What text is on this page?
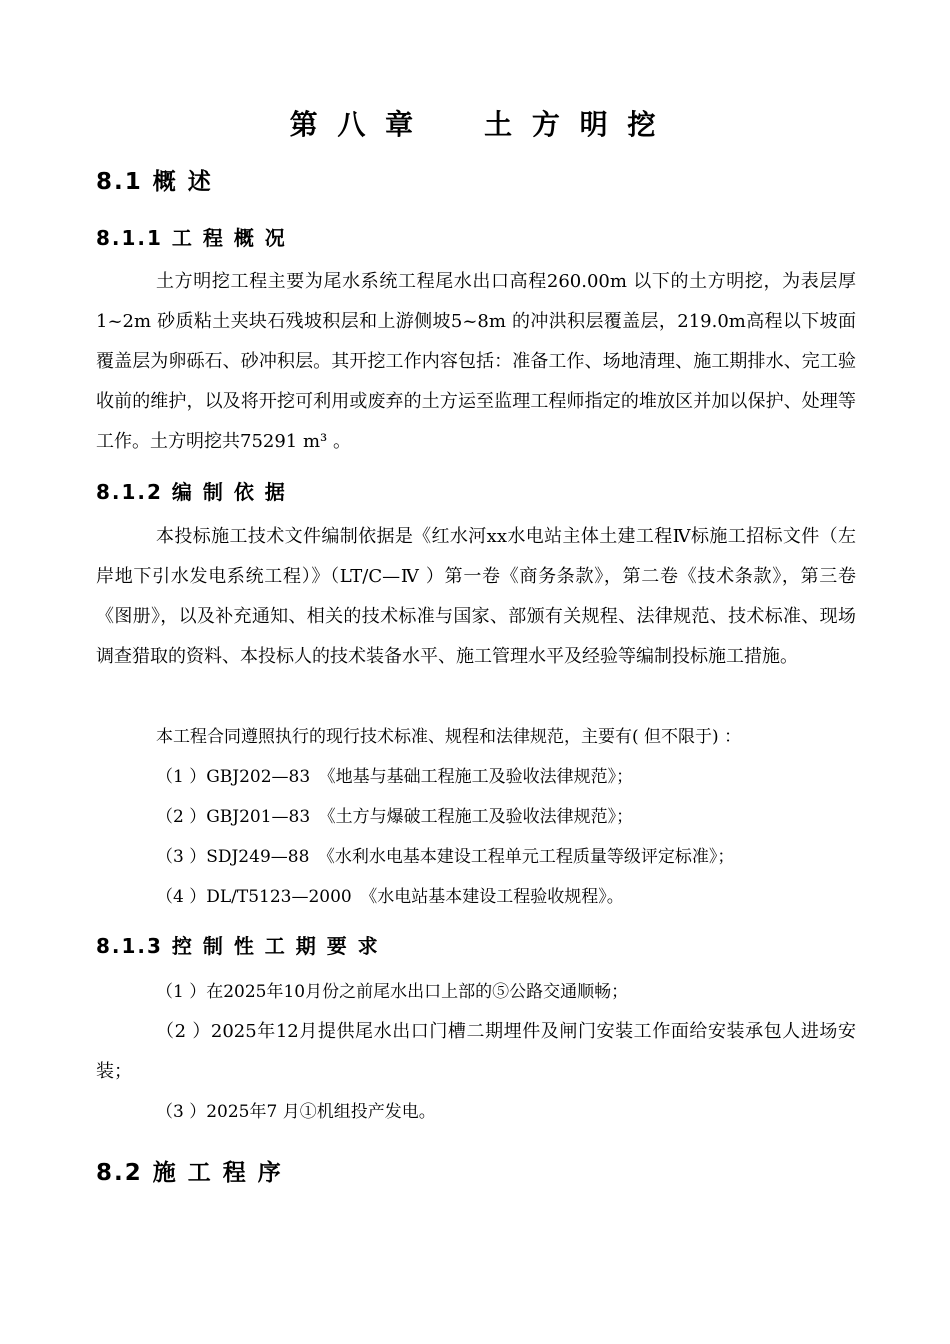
第 八 章　　土 方 明 挖
8.1 概 述
8.1.1 工 程 概 况
土方明挖工程主要为尾水系统工程尾水出口高程260.00m 以下的土方明挖，为表层厚1~2m 砂质粘土夹块石残坡积层和上游侧坡5~8m 的冲洪积层覆盖层，219.0m高程以下坡面覆盖层为卵砾石、砂冲积层。其开挖工作内容包括：准备工作、场地清理、施工期排水、完工验收前的维护，以及将开挖可利用或废弃的土方运至监理工程师指定的堆放区并加以保护、处理等工作。土方明挖共75291 m³ 。
8.1.2 编 制 依 据
本投标施工技术文件编制依据是《红水河xx水电站主体土建工程Ⅳ标施工招标文件（左岸地下引水发电系统工程）》（LT/C—Ⅳ ）第一卷《商务条款》，第二卷《技术条款》，第三卷《图册》，以及补充通知、相关的技术标准与国家、部颁有关规程、法律规范、技术标准、现场调查猎取的资料、本投标人的技术装备水平、施工管理水平及经验等编制投标施工措施。
本工程合同遵照执行的现行技术标准、规程和法律规范，主要有( 但不限于) ：
（1 ）GBJ202—83　《地基与基础工程施工及验收法律规范》；
（2 ）GBJ201—83　《土方与爆破工程施工及验收法律规范》；
（3 ）SDJ249—88　《水利水电基本建设工程单元工程质量等级评定标准》；
（4 ）DL/T5123—2000　《水电站基本建设工程验收规程》。
8.1.3 控 制 性 工 期 要 求
（1 ）在2025年10月份之前尾水出口上部的⑤公路交通顺畅；
（2 ）2025年12月提供尾水出口门槽二期埋件及闸门安装工作面给安装承包人进场安装；
（3 ）2025年7 月①机组投产发电。
8.2 施 工 程 序
